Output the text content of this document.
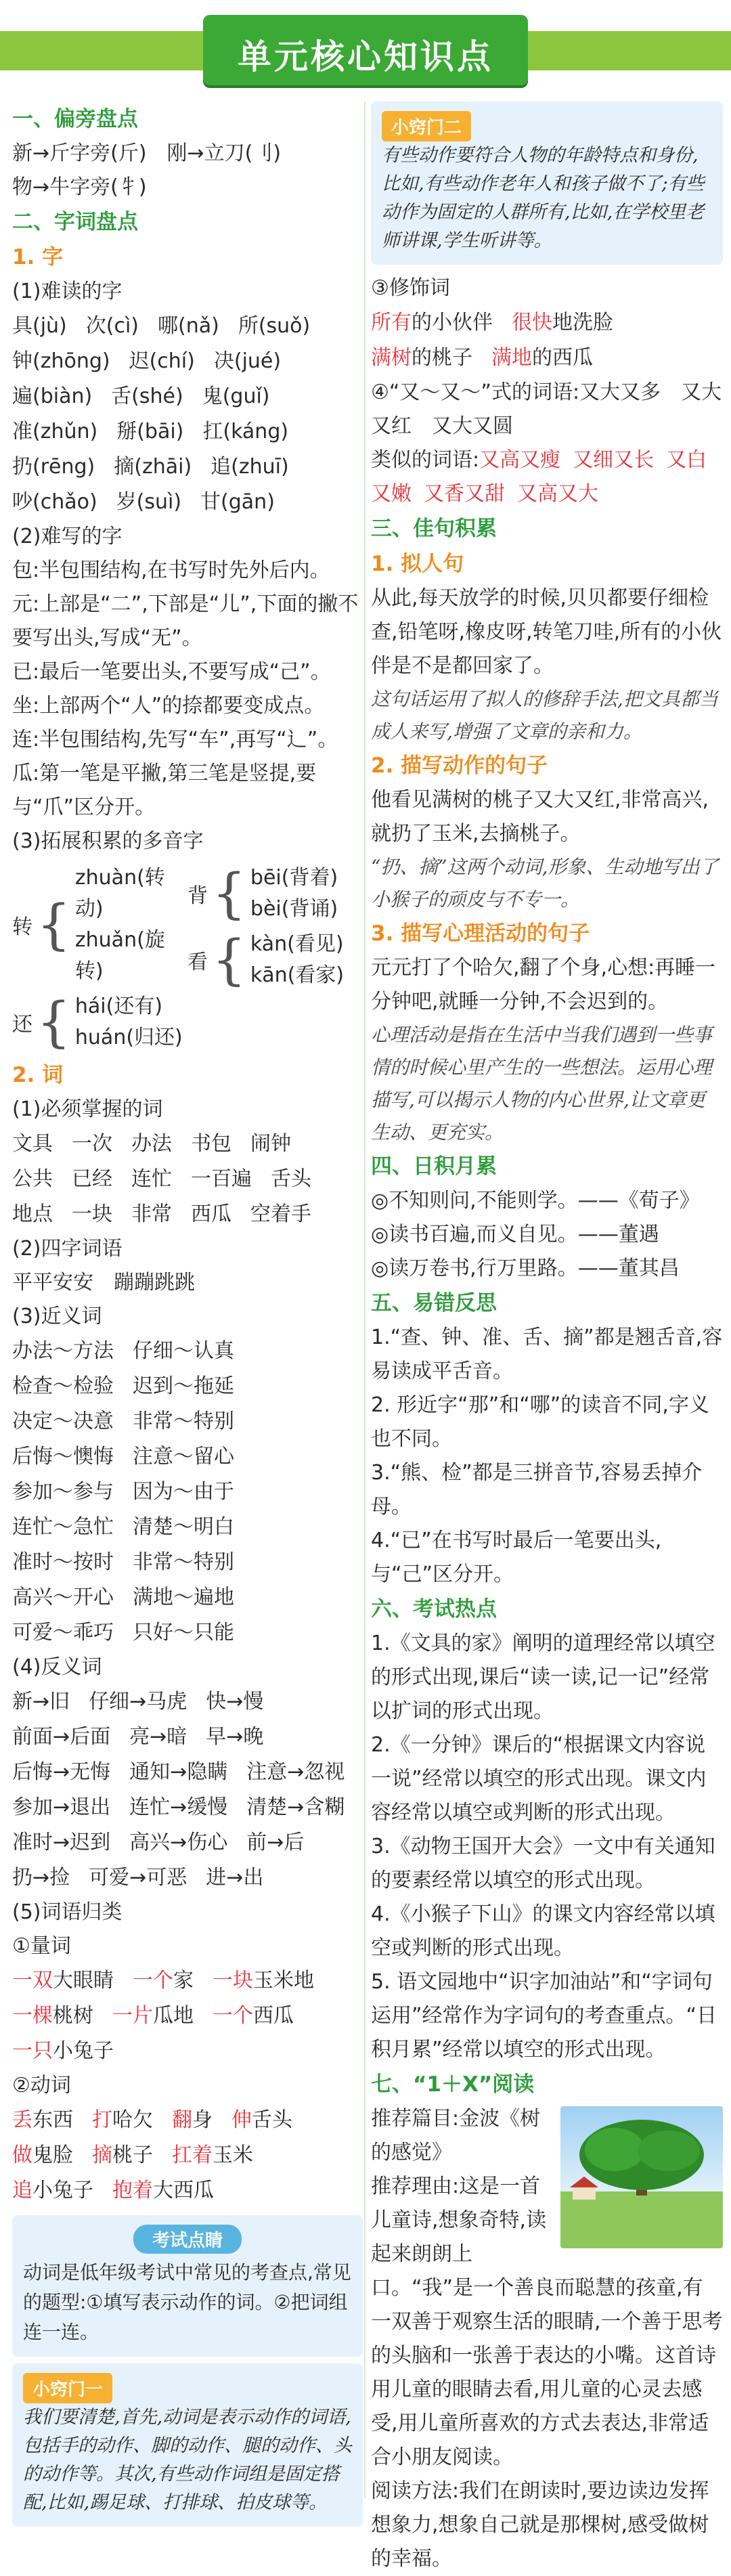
单元核心知识点

一、偏旁盘点

新→斤字旁(斤)　刚→立刀(刂)

物→牛字旁(牜)

二、字词盘点

1. 字

(1)难读的字

具(jù) 次(cì) 哪(nǎ) 所(suǒ)
钟(zhōng) 迟(chí) 决(jué)
遍(biàn) 舌(shé) 鬼(guǐ)
准(zhǔn) 掰(bāi) 扛(káng)
扔(rēng) 摘(zhāi) 追(zhuī)
吵(chǎo) 岁(suì) 甘(gān)

(2)难写的字

包:半包围结构,在书写时先外后内。

元:上部是“二”,下部是“儿”,下面的撇不要写出头,写成“无”。

已:最后一笔要出头,不要写成“己”。

坐:上部两个“人”的捺都要变成点。

连:半包围结构,先写“车”,再写“辶”。

瓜:第一笔是平撇,第三笔是竖提,要与“爪”区分开。

(3)拓展积累的多音字

转 {
zhuàn(转动)
zhuǎn(旋转)
还 { hái(还有)
huán(归还)
背 { bēi(背着)
bèi(背诵)
看 { kàn(看见)
kān(看家)

2. 词

(1)必须掌握的词

文具 一次 办法 书包 闹钟
公共 已经 连忙 一百遍 舌头
地点 一块 非常 西瓜 空着手

(2)四字词语

平平安安　蹦蹦跳跳

(3)近义词

办法～方法 仔细～认真
检查～检验 迟到～拖延
决定～决意 非常～特别
后悔～懊悔 注意～留心
参加～参与 因为～由于
连忙～急忙 清楚～明白
准时～按时 非常～特别
高兴～开心 满地～遍地
可爱～乖巧 只好～只能

(4)反义词

新→旧 仔细→马虎 快→慢
前面→后面 亮→暗 早→晚
后悔→无悔 通知→隐瞒 注意→忽视
参加→退出 连忙→缓慢 清楚→含糊
准时→迟到 高兴→伤心 前→后
扔→捡 可爱→可恶 进→出

(5)词语归类

①量词

一双大眼睛 一个家 一块玉米地
一棵桃树 一片瓜地 一个西瓜
一只小兔子

②动词

丢东西 打哈欠 翻身 伸舌头
做鬼脸 摘桃子 扛着玉米
追小兔子 抱着大西瓜
考试点睛

动词是低年级考试中常见的考查点,常见的题型:①填写表示动作的词。②把词组连一连。

小窍门一

我们要清楚,首先,动词是表示动作的词语,包括手的动作、脚的动作、腿的动作、头的动作等。其次,有些动作词组是固定搭配,比如,踢足球、打排球、拍皮球等。

小窍门二

有些动作要符合人物的年龄特点和身份,比如,有些动作老年人和孩子做不了;有些动作为固定的人群所有,比如,在学校里老师讲课,学生听讲等。

③修饰词

所有的小伙伴 很快地洗脸
满树的桃子 满地的西瓜

④“又～又～”式的词语:又大又多　又大又红　又大又圆

类似的词语:又高又瘦 又细又长 又白又嫩 又香又甜 又高又大

三、佳句积累

1. 拟人句

从此,每天放学的时候,贝贝都要仔细检查,铅笔呀,橡皮呀,转笔刀哇,所有的小伙伴是不是都回家了。

这句话运用了拟人的修辞手法,把文具都当成人来写,增强了文章的亲和力。

2. 描写动作的句子

他看见满树的桃子又大又红,非常高兴,就扔了玉米,去摘桃子。

“扔、摘”这两个动词,形象、生动地写出了小猴子的顽皮与不专一。

3. 描写心理活动的句子

元元打了个哈欠,翻了个身,心想:再睡一分钟吧,就睡一分钟,不会迟到的。

心理活动是指在生活中当我们遇到一些事情的时候心里产生的一些想法。运用心理描写,可以揭示人物的内心世界,让文章更生动、更充实。

四、日积月累

◎不知则问,不能则学。——《荀子》

◎读书百遍,而义自见。——董遇

◎读万卷书,行万里路。——董其昌

五、易错反思

1.“查、钟、准、舌、摘”都是翘舌音,容易读成平舌音。

2. 形近字“那”和“哪”的读音不同,字义也不同。

3.“熊、检”都是三拼音节,容易丢掉介母。

4.“已”在书写时最后一笔要出头,与“己”区分开。

六、考试热点

1.《文具的家》阐明的道理经常以填空的形式出现,课后“读一读,记一记”经常以扩词的形式出现。

2.《一分钟》课后的“根据课文内容说一说”经常以填空的形式出现。课文内容经常以填空或判断的形式出现。

3.《动物王国开大会》一文中有关通知的要素经常以填空的形式出现。

4.《小猴子下山》的课文内容经常以填空或判断的形式出现。

5. 语文园地中“识字加油站”和“字词句运用”经常作为字词句的考查重点。“日积月累”经常以填空的形式出现。

七、“1＋X”阅读

推荐篇目:金波《树的感觉》

推荐理由:这是一首儿童诗,想象奇特,读起来朗朗上口。“我”是一个善良而聪慧的孩童,有一双善于观察生活的眼睛,一个善于思考的头脑和一张善于表达的小嘴。这首诗用儿童的眼睛去看,用儿童的心灵去感受,用儿童所喜欢的方式去表达,非常适合小朋友阅读。

阅读方法:我们在朗读时,要边读边发挥想象力,想象自己就是那棵树,感受做树的幸福。
